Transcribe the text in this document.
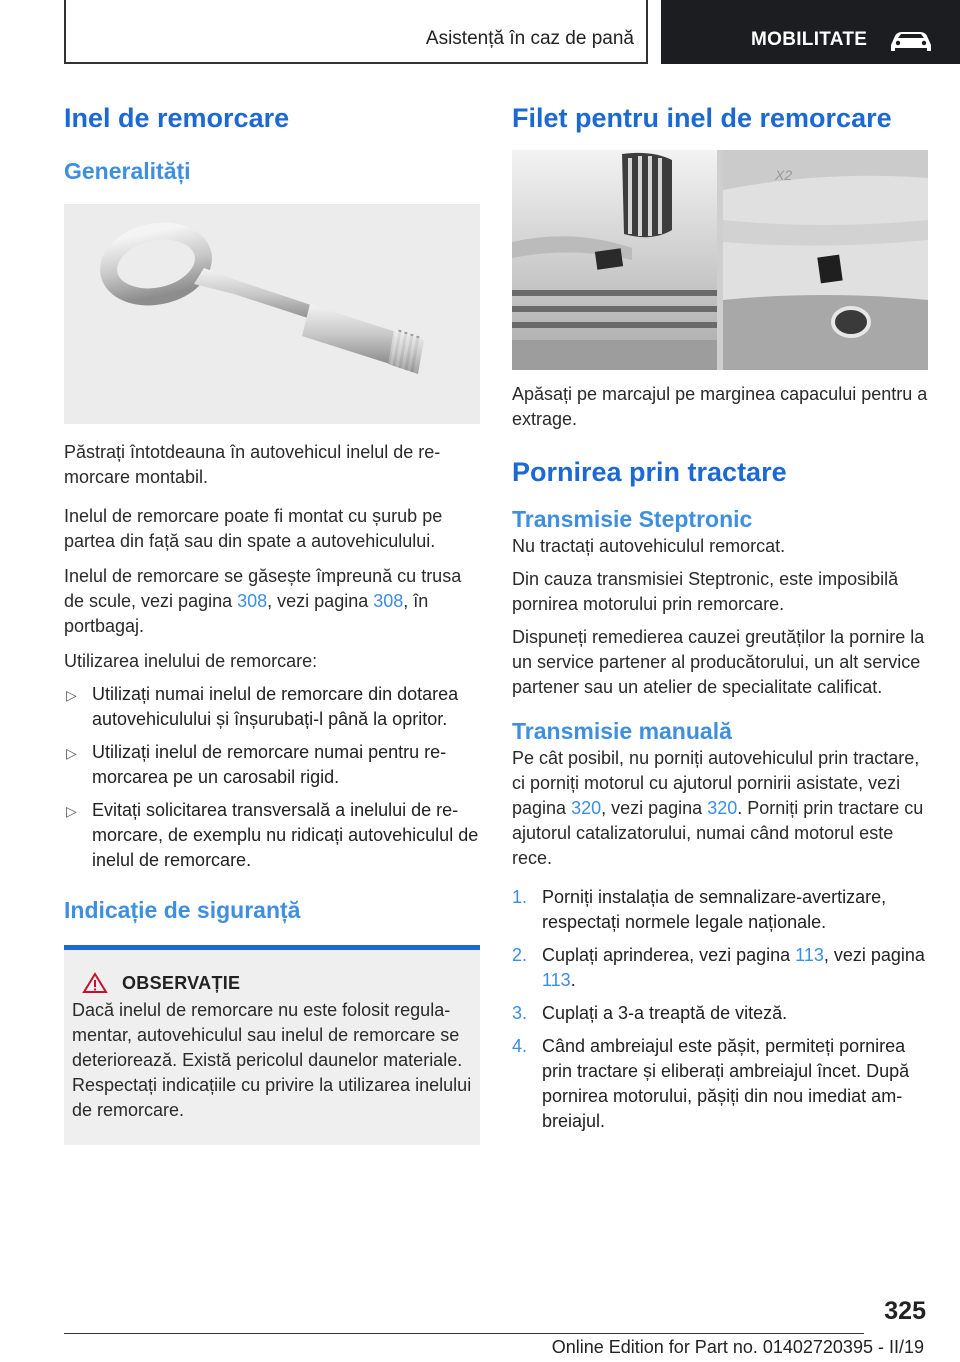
Asistență în caz de pană	MOBILITATE
Inel de remorcare
Generalități

Păstrați întotdeauna în autovehicul inelul de remorcare montabil.

Inelul de remorcare poate fi montat cu șurub pe partea din față sau din spate a autovehiculului.

Inelul de remorcare se găsește împreună cu trusa de scule, vezi pagina 308, vezi pagina 308, în portbagaj.

Utilizarea inelului de remorcare:

▷ Utilizați numai inelul de remorcare din dotarea autovehiculului și înșurubați-l până la opritor.
▷ Utilizați inelul de remorcare numai pentru remorcarea pe un carosabil rigid.
▷ Evitați solicitarea transversală a inelului de remorcare, de exemplu nu ridicați autovehiculul de inelul de remorcare.
Indicație de siguranță
OBSERVAȚIE

Dacă inelul de remorcare nu este folosit regulamentar, autovehiculul sau inelul de remorcare se deteriorează. Există pericolul daunelor materiale. Respectați indicațiile cu privire la utilizarea inelului de remorcare.

Filet pentru inel de remorcare
X2

Apăsați pe marcajul pe marginea capacului pentru a extrage.

Pornirea prin tractare
Transmisie Steptronic

Nu tractați autovehiculul remorcat.

Din cauza transmisiei Steptronic, este imposibilă pornirea motorului prin remorcare.

Dispuneți remedierea cauzei greutăților la pornire la un service partener al producătorului, un alt service partener sau un atelier de specialitate calificat.

Transmisie manuală

Pe cât posibil, nu porniți autovehiculul prin tractare, ci porniți motorul cu ajutorul pornirii asistate, vezi pagina 320, vezi pagina 320. Porniți prin tractare cu ajutorul catalizatorului, numai când motorul este rece.

1. Porniți instalația de semnalizare-avertizare, respectați normele legale naționale.
2. Cuplați aprinderea, vezi pagina 113, vezi pagina 113.
3. Cuplați a 3-a treaptă de viteză.
4. Când ambreiajul este pășit, permiteți pornirea prin tractare și eliberați ambreiajul încet. După pornirea motorului, pășiți din nou imediat ambreiajul.
325
Online Edition for Part no. 01402720395 - II/19
